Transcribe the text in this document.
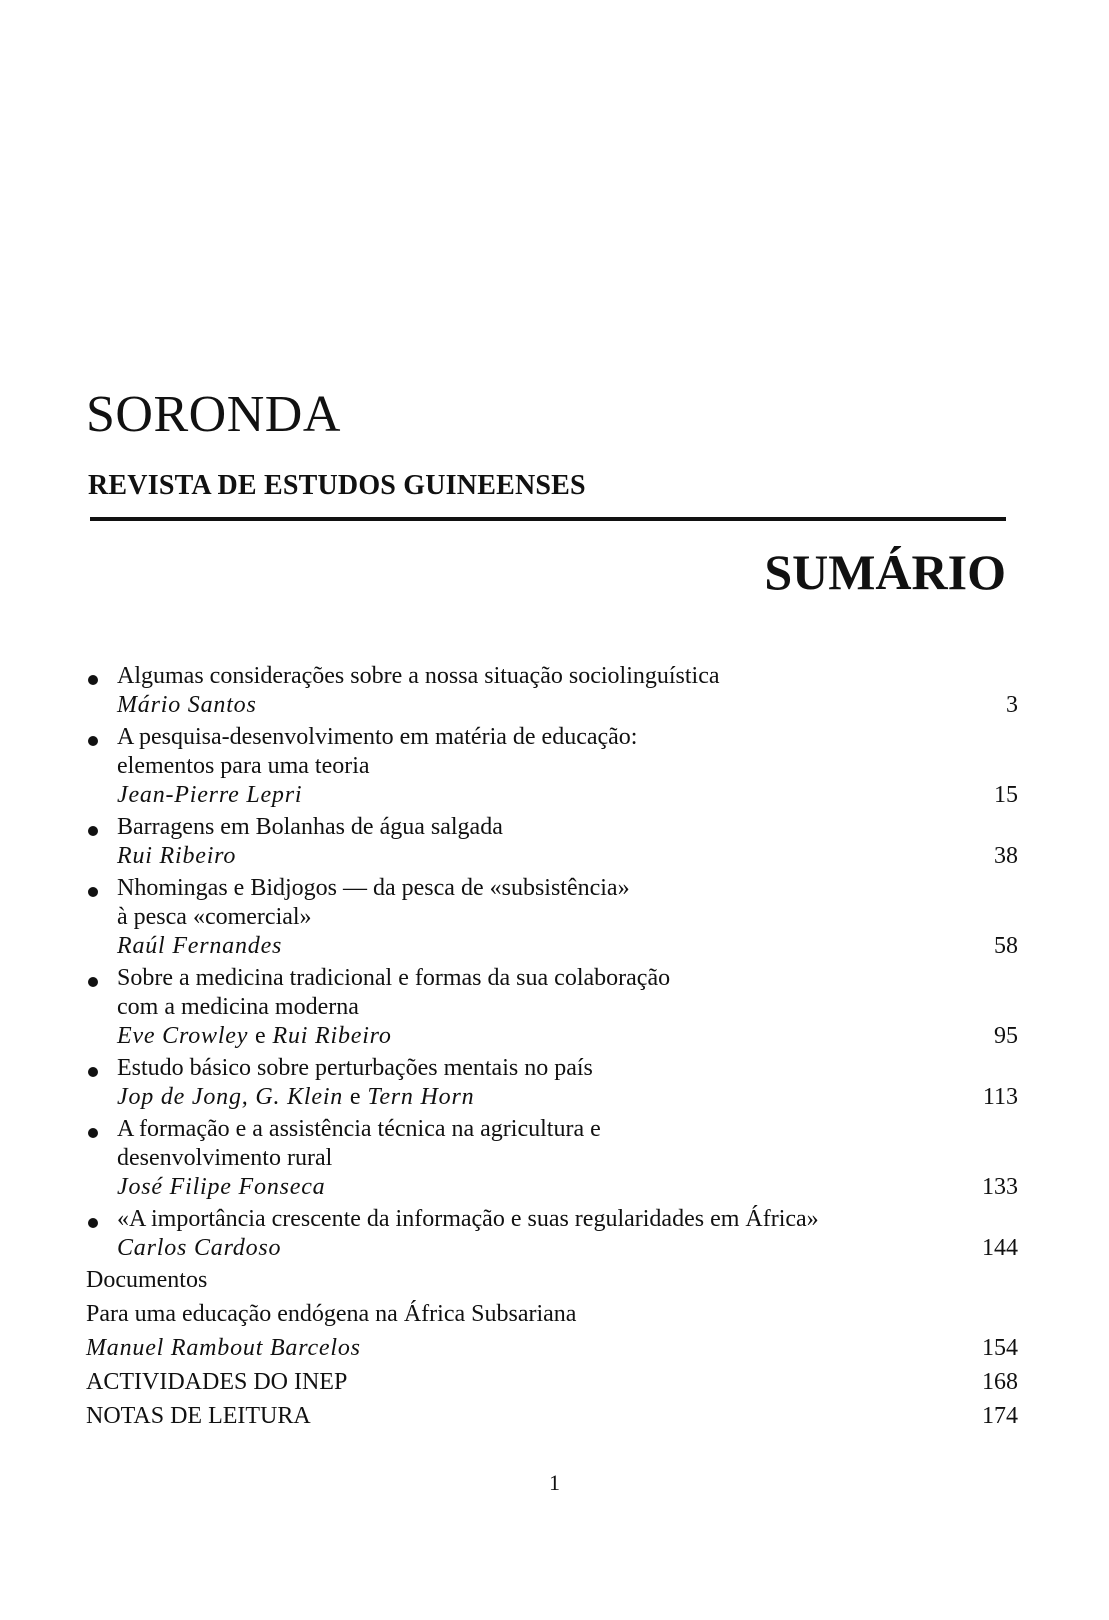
SORONDA
REVISTA DE ESTUDOS GUINEENSES
SUMÁRIO
Algumas considerações sobre a nossa situação sociolinguística
Mário Santos	3
A pesquisa-desenvolvimento em matéria de educação:
elementos para uma teoria
Jean-Pierre Lepri	15
Barragens em Bolanhas de água salgada
Rui Ribeiro	38
Nhomingas e Bidjogos — da pesca de «subsistência»
à pesca «comercial»
Raúl Fernandes	58
Sobre a medicina tradicional e formas da sua colaboração
com a medicina moderna
Eve Crowley e Rui Ribeiro	95
Estudo básico sobre perturbações mentais no país
Jop de Jong, G. Klein e Tern Horn	113
A formação e a assistência técnica na agricultura e
desenvolvimento rural
José Filipe Fonseca	133
«A importância crescente da informação e suas regularidades em África»
Carlos Cardoso	144
Documentos
Para uma educação endógena na África Subsariana
Manuel Rambout Barcelos	154
ACTIVIDADES DO INEP	168
NOTAS DE LEITURA	174
1
